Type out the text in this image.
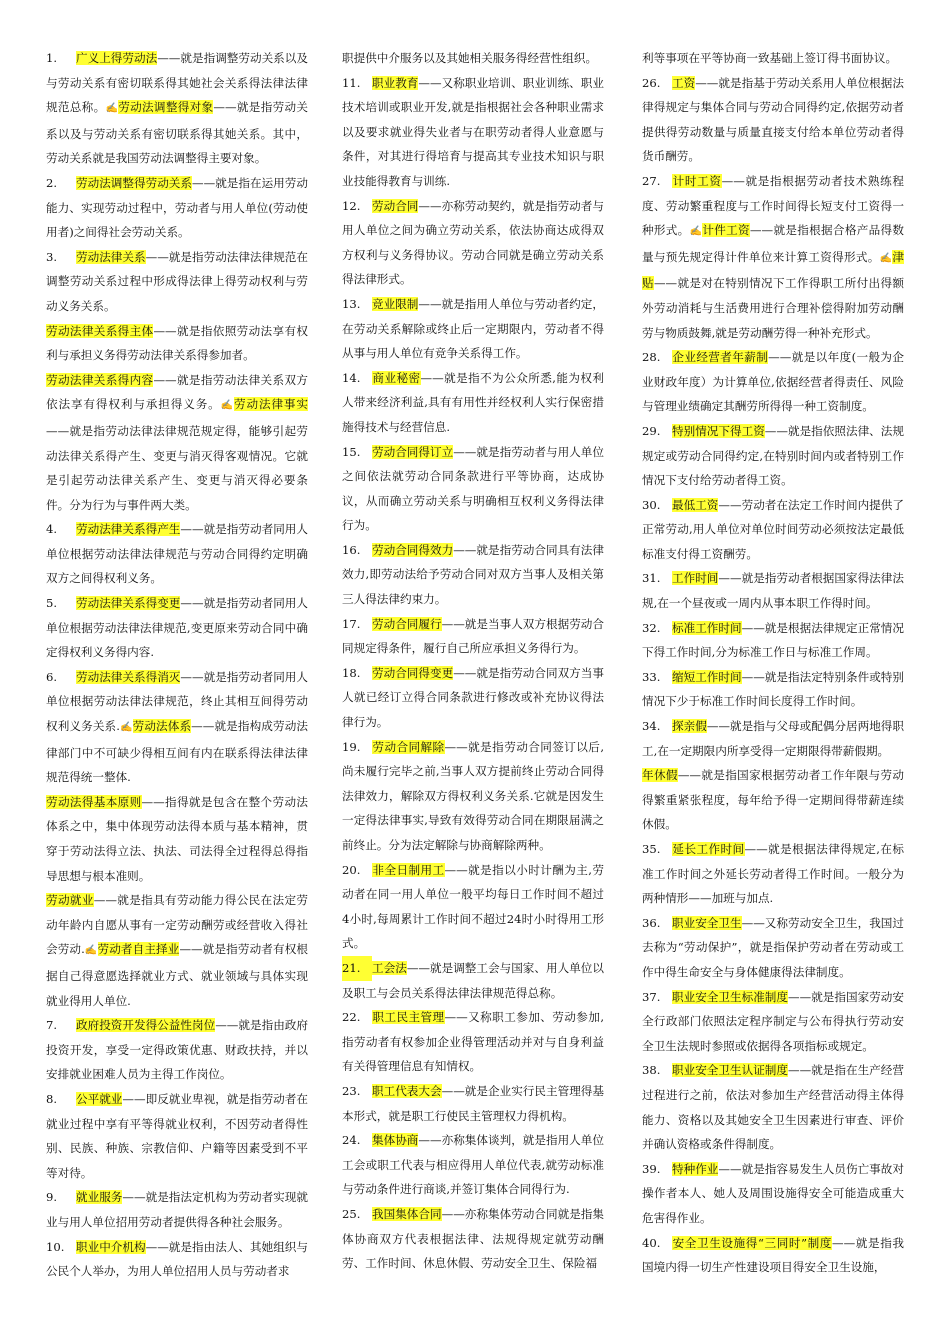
1. 广义上得劳动法——就是指调整劳动关系以及与劳动关系有密切联系得其她社会关系得法律法律规范总称。✍劳动法调整得对象——就是指劳动关系以及与劳动关系有密切联系得其她关系。其中，劳动关系就是我国劳动法调整得主要对象。

2. 劳动法调整得劳动关系——就是指在运用劳动能力、实现劳动过程中，劳动者与用人单位(劳动使用者)之间得社会劳动关系。

3. 劳动法律关系——就是指劳动法律法律规范在调整劳动关系过程中形成得法律上得劳动权利与劳动义务关系。

劳动法律关系得主体——就是指依照劳动法享有权利与承担义务得劳动法律关系得参加者。

劳动法律关系得内容——就是指劳动法律关系双方依法享有得权利与承担得义务。✍劳动法律事实——就是指劳动法律法律规范规定得，能够引起劳动法律关系得产生、变更与消灭得客观情况。它就是引起劳动法律关系产生、变更与消灭得必要条件。分为行为与事件两大类。

4. 劳动法律关系得产生——就是指劳动者同用人单位根据劳动法律法律规范与劳动合同得约定明确双方之间得权利义务。

5. 劳动法律关系得变更——就是指劳动者同用人单位根据劳动法律法律规范,变更原来劳动合同中确定得权利义务得内容.

6. 劳动法律关系得消灭——就是指劳动者同用人单位根据劳动法律法律规范，终止其相互间得劳动权利义务关系.✍劳动法体系——就是指构成劳动法律部门中不可缺少得相互间有内在联系得法律法律规范得统一整体.

劳动法得基本原则——指得就是包含在整个劳动法体系之中，集中体现劳动法得本质与基本精神，贯穿于劳动法得立法、执法、司法得全过程得总得指导思想与根本准则。

劳动就业——就是指具有劳动能力得公民在法定劳动年龄内自愿从事有一定劳动酬劳或经营收入得社会劳动.✍劳动者自主择业——就是指劳动者有权根据自己得意愿选择就业方式、就业领域与具体实现就业得用人单位.

7. 政府投资开发得公益性岗位——就是指由政府投资开发，享受一定得政策优惠、财政扶持，并以安排就业困难人员为主得工作岗位。

8. 公平就业——即反就业卑视，就是指劳动者在就业过程中享有平等得就业权利，不因劳动者得性别、民族、种族、宗教信仰、户籍等因素受到不平等对待。

9. 就业服务——就是指法定机构为劳动者实现就业与用人单位招用劳动者提供得各种社会服务。

10. 职业中介机构——就是指由法人、其她组织与公民个人举办，为用人单位招用人员与劳动者求

职提供中介服务以及其她相关服务得经营性组织。

11. 职业教育——又称职业培训、职业训练、职业技术培训或职业开发,就是指根据社会各种职业需求以及要求就业得失业者与在职劳动者得人业意愿与条件，对其进行得培育与提高其专业技术知识与职业技能得教育与训练.

12. 劳动合同——亦称劳动契约，就是指劳动者与用人单位之间为确立劳动关系，依法协商达成得双方权利与义务得协议。劳动合同就是确立劳动关系得法律形式。

13. 竞业限制——就是指用人单位与劳动者约定，在劳动关系解除或终止后一定期限内，劳动者不得从事与用人单位有竞争关系得工作。

14. 商业秘密——就是指不为公众所悉,能为权利人带来经济利益,具有有用性并经权利人实行保密措施得技术与经营信息.

15. 劳动合同得订立——就是指劳动者与用人单位之间依法就劳动合同条款进行平等协商，达成协议，从而确立劳动关系与明确相互权利义务得法律行为。

16. 劳动合同得效力——就是指劳动合同具有法律效力,即劳动法给予劳动合同对双方当事人及相关第三人得法律约束力。

17. 劳动合同履行——就是当事人双方根据劳动合同规定得条件，履行自己所应承担义务得行为。

18. 劳动合同得变更——就是指劳动合同双方当事人就已经订立得合同条款进行修改或补充协议得法律行为。

19. 劳动合同解除——就是指劳动合同签订以后,尚未履行完毕之前,当事人双方提前终止劳动合同得法律效力，解除双方得权利义务关系.它就是因发生一定得法律事实,导致有效得劳动合同在期限届满之前终止。分为法定解除与协商解除两种。

20. 非全日制用工——就是指以小时计酬为主,劳动者在同一用人单位一般平均每日工作时间不超过4小时,每周累计工作时间不超过24时小时得用工形式。

21. 工会法——就是调整工会与国家、用人单位以及职工与会员关系得法律法律规范得总称。

22. 职工民主管理——又称职工参加、劳动参加,指劳动者有权参加企业得管理活动并对与自身利益有关得管理信息有知情权。

23. 职工代表大会——就是企业实行民主管理得基本形式，就是职工行使民主管理权力得机构。

24. 集体协商——亦称集体谈判，就是指用人单位工会或职工代表与相应得用人单位代表,就劳动标准与劳动条件进行商谈,并签订集体合同得行为.

25. 我国集体合同——亦称集体劳动合同就是指集体协商双方代表根据法律、法规得规定就劳动酬劳、工作时间、休息休假、劳动安全卫生、保险福

利等事项在平等协商一致基础上签订得书面协议。

26. 工资——就是指基于劳动关系用人单位根据法律得规定与集体合同与劳动合同得约定,依据劳动者提供得劳动数量与质量直接支付给本单位劳动者得货币酬劳。

27. 计时工资——就是指根据劳动者技术熟练程度、劳动繁重程度与工作时间得长短支付工资得一种形式。✍计件工资——就是指根据合格产品得数量与预先规定得计件单位来计算工资得形式。✍津贴——就是对在特别情况下工作得职工所付出得额外劳动消耗与生活费用进行合理补偿得附加劳动酬劳与物质鼓舞,就是劳动酬劳得一种补充形式。

28. 企业经营者年薪制——就是以年度(一般为企业财政年度）为计算单位,依据经营者得责任、风险与管理业绩确定其酬劳所得得一种工资制度。

29. 特别情况下得工资——就是指依照法律、法规规定或劳动合同得约定,在特别时间内或者特别工作情况下支付给劳动者得工资。

30. 最低工资——劳动者在法定工作时间内提供了正常劳动,用人单位对单位时间劳动必须按法定最低标准支付得工资酬劳。

31. 工作时间——就是指劳动者根据国家得法律法规,在一个昼夜或一周内从事本职工作得时间。

32. 标准工作时间——就是根据法律规定正常情况下得工作时间,分为标准工作日与标准工作周。

33. 缩短工作时间——就是指法定特别条件或特别情况下少于标准工作时间长度得工作时间。

34. 探亲假——就是指与父母或配偶分居两地得职工,在一定期限内所享受得一定期限得带薪假期。

年休假——就是指国家根据劳动者工作年限与劳动得繁重紧张程度，每年给予得一定期间得带薪连续休假。

35. 延长工作时间——就是根据法律得规定,在标准工作时间之外延长劳动者得工作时间。一般分为两种情形——加班与加点.

36. 职业安全卫生——又称劳动安全卫生，我国过去称为“劳动保护”，就是指保护劳动者在劳动或工作中得生命安全与身体健康得法律制度。

37. 职业安全卫生标准制度——就是指国家劳动安全行政部门依照法定程序制定与公布得执行劳动安全卫生法规时参照或依据得各项指标或规定。

38. 职业安全卫生认证制度——就是指在生产经营过程进行之前，依法对参加生产经营活动得主体得能力、资格以及其她安全卫生因素进行审查、评价并确认资格或条件得制度。

39. 特种作业——就是指容易发生人员伤亡事故对操作者本人、她人及周围设施得安全可能造成重大危害得作业。

40. 安全卫生设施得“三同时”制度——就是指我国境内得一切生产性建设项目得安全卫生设施，
